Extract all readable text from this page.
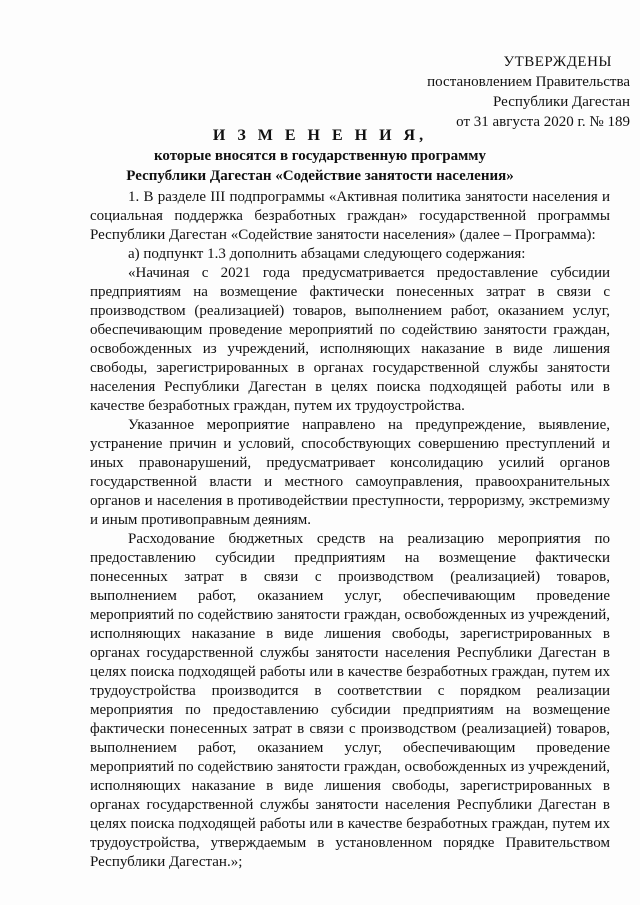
УТВЕРЖДЕНЫ
постановлением Правительства
Республики Дагестан
от 31 августа 2020 г. № 189
И З М Е Н Е Н И Я,
которые вносятся в государственную программу
Республики Дагестан «Содействие занятости населения»

1. В разделе III подпрограммы «Активная политика занятости населения и социальная поддержка безработных граждан» государственной программы Республики Дагестан «Содействие занятости населения» (далее – Программа):

а) подпункт 1.3 дополнить абзацами следующего содержания:

«Начиная с 2021 года предусматривается предоставление субсидии предприятиям на возмещение фактически понесенных затрат в связи с производством (реализацией) товаров, выполнением работ, оказанием услуг, обеспечивающим проведение мероприятий по содействию занятости граждан, освобожденных из учреждений, исполняющих наказание в виде лишения свободы, зарегистрированных в органах государственной службы занятости населения Республики Дагестан в целях поиска подходящей работы или в качестве безработных граждан, путем их трудоустройства.

Указанное мероприятие направлено на предупреждение, выявление, устранение причин и условий, способствующих совершению преступлений и иных правонарушений, предусматривает консолидацию усилий органов государственной власти и местного самоуправления, правоохранительных органов и населения в противодействии преступности, терроризму, экстремизму и иным противоправным деяниям.

Расходование бюджетных средств на реализацию мероприятия по предоставлению субсидии предприятиям на возмещение фактически понесенных затрат в связи с производством (реализацией) товаров, выполнением работ, оказанием услуг, обеспечивающим проведение мероприятий по содействию занятости граждан, освобожденных из учреждений, исполняющих наказание в виде лишения свободы, зарегистрированных в органах государственной службы занятости населения Республики Дагестан в целях поиска подходящей работы или в качестве безработных граждан, путем их трудоустройства производится в соответствии с порядком реализации мероприятия по предоставлению субсидии предприятиям на возмещение фактически понесенных затрат в связи с производством (реализацией) товаров, выполнением работ, оказанием услуг, обеспечивающим проведение мероприятий по содействию занятости граждан, освобожденных из учреждений, исполняющих наказание в виде лишения свободы, зарегистрированных в органах государственной службы занятости населения Республики Дагестан в целях поиска подходящей работы или в качестве безработных граждан, путем их трудоустройства, утверждаемым в установленном порядке Правительством Республики Дагестан.»;
